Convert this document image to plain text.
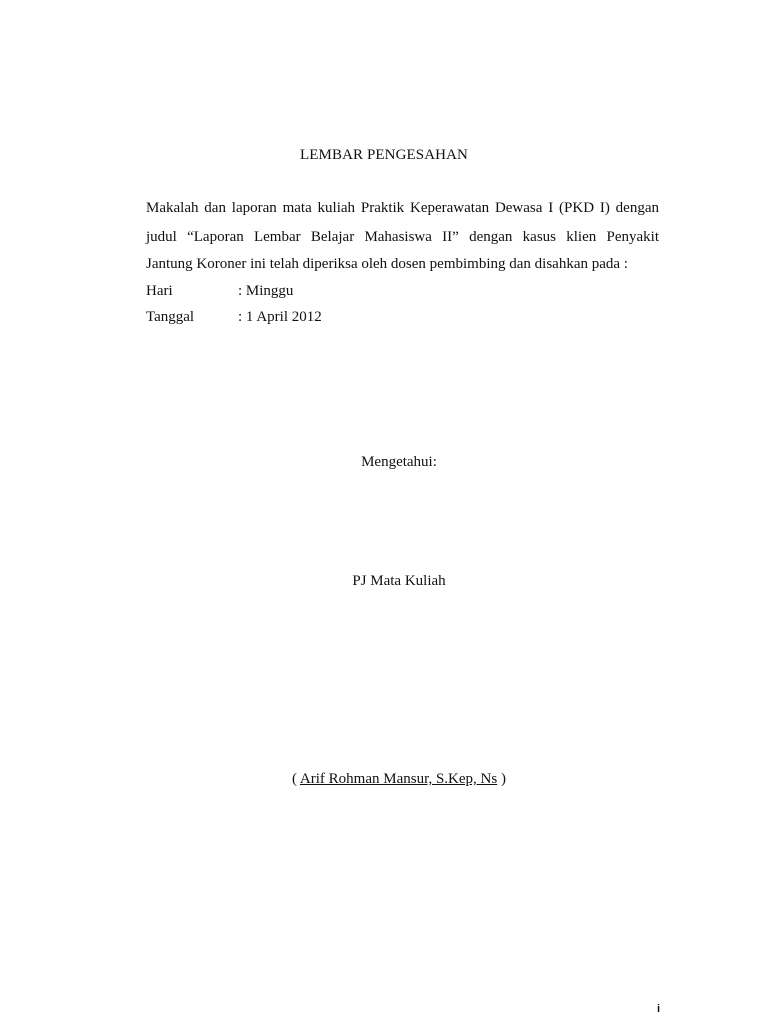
LEMBAR PENGESAHAN
Makalah dan laporan mata kuliah Praktik Keperawatan Dewasa I (PKD I) dengan
judul “Laporan Lembar Belajar Mahasiswa II” dengan kasus klien Penyakit
Jantung Koroner ini telah diperiksa oleh dosen pembimbing dan disahkan pada :
Hari	: Minggu
Tanggal	: 1 April 2012
Mengetahui:
PJ Mata Kuliah
( Arif Rohman Mansur, S.Kep, Ns )
i
